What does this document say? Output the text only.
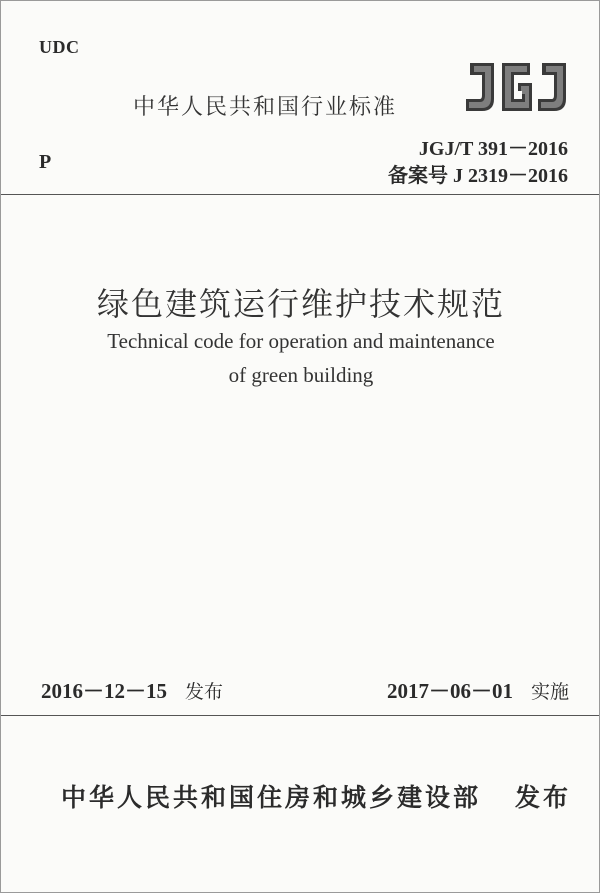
UDC
中华人民共和国行业标准
JGJ/T 391－2016
备案号 J 2319－2016
P
绿色建筑运行维护技术规范
Technical code for operation and maintenance
of green building
2016－12－15 发布	2017－06－01 实施
中华人民共和国住房和城乡建设部 发布
